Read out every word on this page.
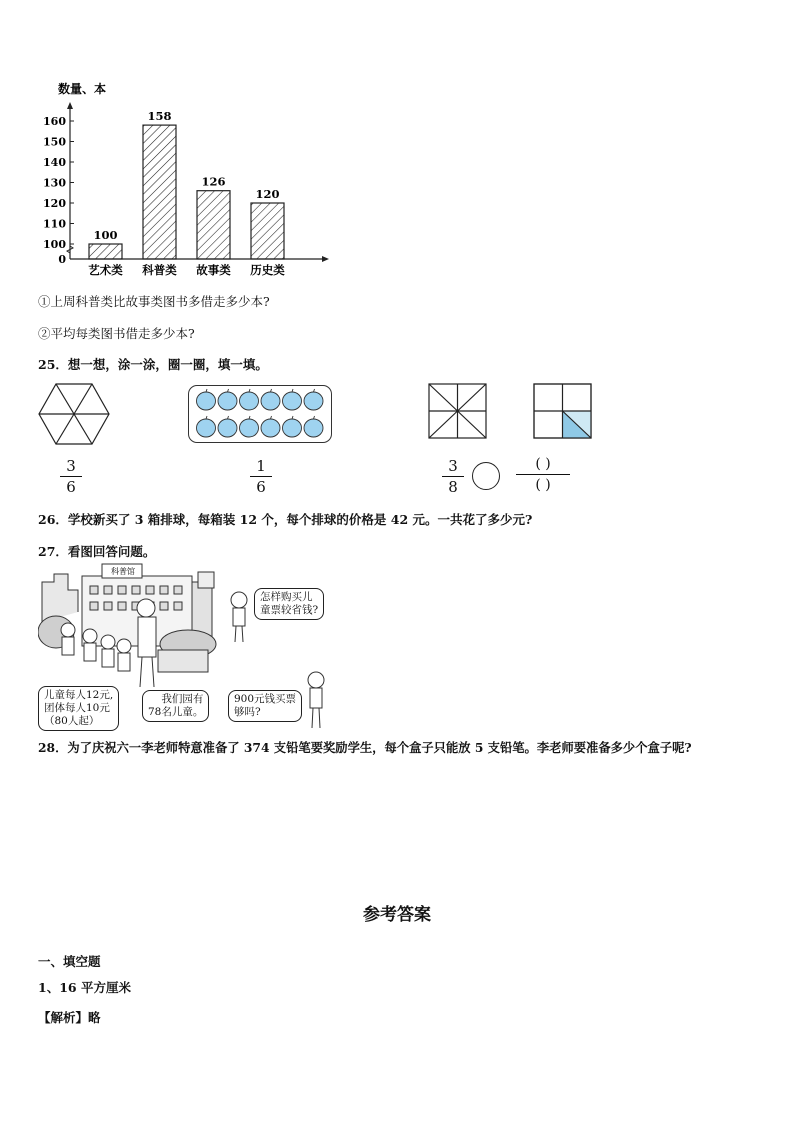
数量、本
0
100
110
120
130
140
150
160
100
158
126
120
艺术类 科普类 故事类 历史类
①上周科普类比故事类图书多借走多少本?
②平均每类图书借走多少本?
25．想一想，涂一涂，圈一圈，填一填。
3
6
1
6
3
8
( )
( )
26．学校新买了 3 箱排球，每箱装 12 个，每个排球的价格是 42 元。一共花了多少元?
27．看图回答问题。
科普馆
怎样购买儿
童票较省钱?
儿童每人12元,
团体每人10元
（80人起）
我们园有
78名儿童。
900元钱买票
够吗?
28．为了庆祝六一李老师特意准备了 374 支铅笔要奖励学生，每个盒子只能放 5 支铅笔。李老师要准备多少个盒子呢?
参考答案
一、填空题
1、16 平方厘米
【解析】略
